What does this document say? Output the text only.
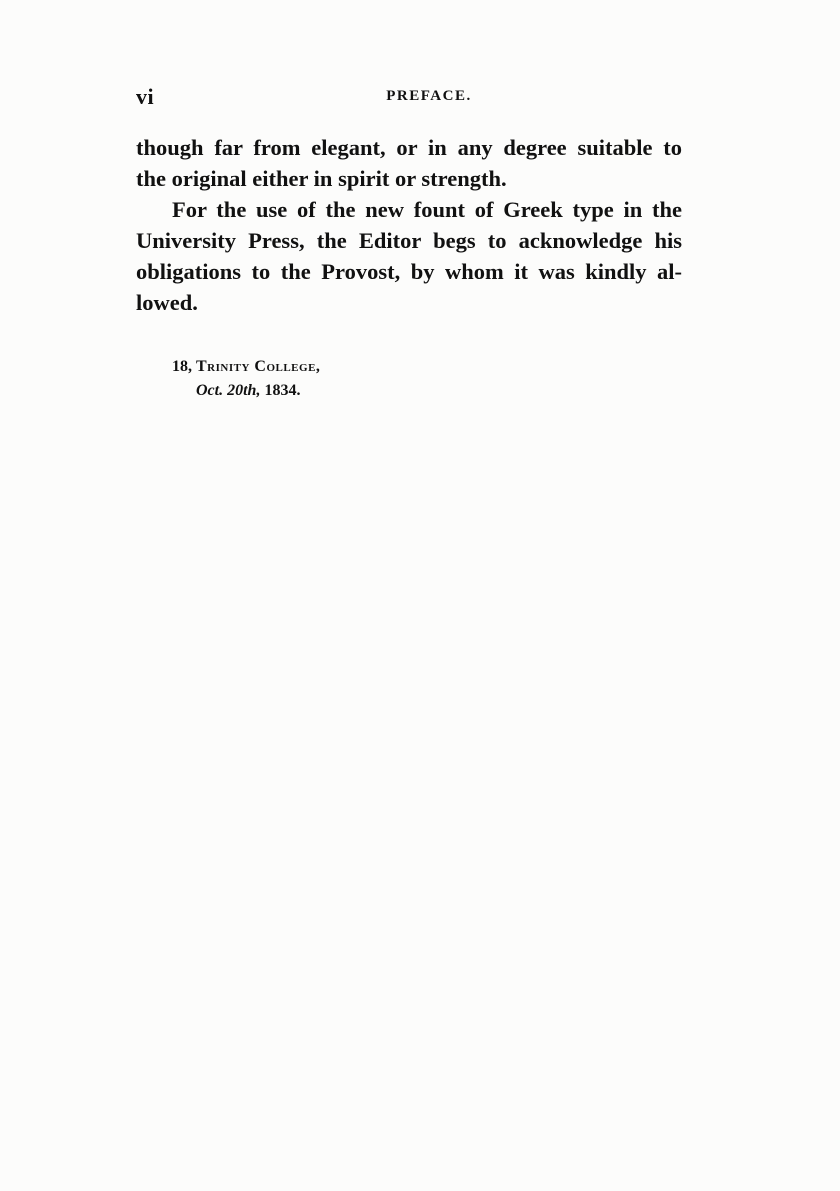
vi	PREFACE.

though far from elegant, or in any degree suitable to
the original either in spirit or strength.

For the use of the new fount of Greek type in the
University Press, the Editor begs to acknowledge his
obligations to the Provost, by whom it was kindly al-
lowed.

18, Trinity College,
Oct. 20th, 1834.
